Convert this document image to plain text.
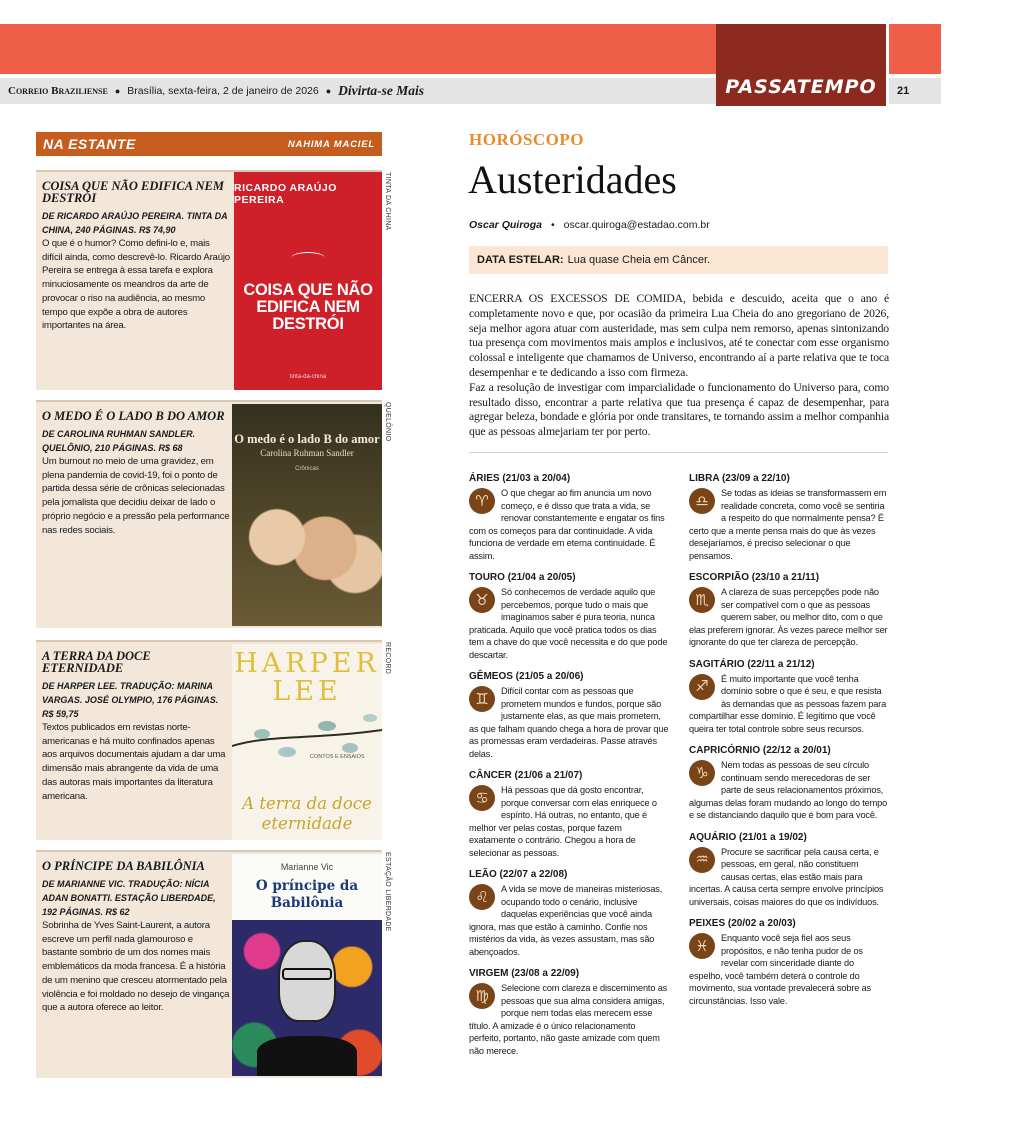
PASSATEMPO
Correio Braziliense ● Brasília, sexta-feira, 2 de janeiro de 2026 ● Divirta-se Mais	21
NA ESTANTE	NAHIMA MACIEL
COISA QUE NÃO EDIFICA NEM DESTRÓI
DE RICARDO ARAÚJO PEREIRA. TINTA DA CHINA, 240 PÁGINAS. R$ 74,90
O que é o humor? Como defini-lo e, mais difícil ainda, como descrevê-lo. Ricardo Araújo Pereira se entrega à essa tarefa e explora minuciosamente os meandros da arte de provocar o riso na audiência, ao mesmo tempo que expõe a obra de autores importantes na área.
RICARDO ARAÚJO PEREIRA
COISA QUE NÃO EDIFICA NEM DESTRÓI
tinta-da-china
TINTA DA CHINA
O MEDO É O LADO B DO AMOR
DE CAROLINA RUHMAN SANDLER. QUELÔNIO, 210 PÁGINAS. R$ 68
Um burnout no meio de uma gravidez, em plena pandemia de covid-19, foi o ponto de partida dessa série de crônicas selecionadas pela jornalista que decidiu deixar de lado o próprio negócio e a pressão pela performance nas redes sociais.
O medo é o lado B do amor
Carolina Ruhman Sandler
Crônicas
QUELÔNIO
A TERRA DA DOCE ETERNIDADE
DE HARPER LEE. TRADUÇÃO: MARINA VARGAS. JOSÉ OLYMPIO, 176 PÁGINAS. R$ 59,75
Textos publicados em revistas norte-americanas e há muito confinados apenas aos arquivos documentais ajudam a dar uma dimensão mais abrangente da vida de uma das autoras mais importantes da literatura americana.
HARPER LEE
CONTOS E ENSAIOS
A terra da doce eternidade
RECORD
O PRÍNCIPE DA BABILÔNIA
DE MARIANNE VIC. TRADUÇÃO: NÍCIA ADAN BONATTI. ESTAÇÃO LIBERDADE, 192 PÁGINAS. R$ 62
Sobrinha de Yves Saint-Laurent, a autora escreve um perfil nada glamouroso e bastante sombrio de um dos nomes mais emblemáticos da moda francesa. É a história de um menino que cresceu atormentado pela violência e foi moldado no desejo de vingança que a autora oferece ao leitor.
Marianne Vic
O príncipe da Babilônia	ESTAÇÃO LIBERDADE
HORÓSCOPO
Austeridades
Oscar Quiroga • oscar.quiroga@estadao.com.br
DATA ESTELAR: Lua quase Cheia em Câncer.
ENCERRA OS EXCESSOS DE COMIDA, bebida e descuido, aceita que o ano é completamente novo e que, por ocasião da primeira Lua Cheia do ano gregoriano de 2026, seja melhor agora atuar com austeridade, mas sem culpa nem remorso, apenas sintonizando tua presença com movimentos mais amplos e inclusivos, até te conectar com esse organismo colossal e inteligente que chamamos de Universo, encontrando aí a parte relativa que te toca desempenhar e te dedicando a isso com firmeza.
Faz a resolução de investigar com imparcialidade o funcionamento do Universo para, como resultado disso, encontrar a parte relativa que tua presença é capaz de desempenhar, para agregar beleza, bondade e glória por onde transitares, te tornando assim a melhor companhia que as pessoas almejariam ter por perto.
ÁRIES (21/03 a 20/04)
♈	O que chegar ao fim anuncia um novo começo, e é disso que trata a vida, se renovar constantemente e engatar os fins com os começos para dar continuidade. A vida funciona de verdade em eterna continuidade. É assim.
TOURO (21/04 a 20/05)
♉	Só conhecemos de verdade aquilo que percebemos, porque tudo o mais que imaginamos saber é pura teoria, nunca praticada. Aquilo que você pratica todos os dias tem a chave do que você necessita e do que pode descartar.
GÊMEOS (21/05 a 20/06)
♊	Difícil contar com as pessoas que prometem mundos e fundos, porque são justamente elas, as que mais prometem, as que falham quando chega a hora de provar que as promessas eram verdadeiras. Passe através delas.
CÂNCER (21/06 a 21/07)
♋	Há pessoas que dá gosto encontrar, porque conversar com elas enriquece o espírito. Há outras, no entanto, que é melhor ver pelas costas, porque fazem exatamente o contrário. Chegou a hora de selecionar as pessoas.
LEÃO (22/07 a 22/08)
♌	A vida se move de maneiras misteriosas, ocupando todo o cenário, inclusive daquelas experiências que você ainda ignora, mas que estão à caminho. Confie nos mistérios da vida, às vezes assustam, mas são abençoados.
VIRGEM (23/08 a 22/09)
♍	Selecione com clareza e discernimento as pessoas que sua alma considera amigas, porque nem todas elas merecem esse título. A amizade é o único relacionamento perfeito, portanto, não gaste amizade com quem não merece.
LIBRA (23/09 a 22/10)
♎	Se todas as ideias se transformassem em realidade concreta, como você se sentiria a respeito do que normalmente pensa? É certo que a mente pensa mais do que às vezes desejaríamos, é preciso selecionar o que pensamos.
ESCORPIÃO (23/10 a 21/11)
♏	A clareza de suas percepções pode não ser compatível com o que as pessoas querem saber, ou melhor dito, com o que elas preferem ignorar. Às vezes parece melhor ser ignorante do que ter clareza de percepção.
SAGITÁRIO (22/11 a 21/12)
♐	É muito importante que você tenha domínio sobre o que é seu, e que resista às demandas que as pessoas fazem para compartilhar esse domínio. É legítimo que você queira ter total controle sobre seus recursos.
CAPRICÓRNIO (22/12 a 20/01)
♑	Nem todas as pessoas de seu círculo continuam sendo merecedoras de ser parte de seus relacionamentos próximos, algumas delas foram mudando ao longo do tempo e se distanciando daquilo que é bom para você.
AQUÁRIO (21/01 a 19/02)
♒	Procure se sacrificar pela causa certa, e pessoas, em geral, não constituem causas certas, elas estão mais para incertas. A causa certa sempre envolve princípios universais, coisas maiores do que os indivíduos.
PEIXES (20/02 a 20/03)
♓	Enquanto você seja fiel aos seus propósitos, e não tenha pudor de os revelar com sinceridade diante do espelho, você também deterá o controle do movimento, sua vontade prevalecerá sobre as circunstâncias. Isso vale.
